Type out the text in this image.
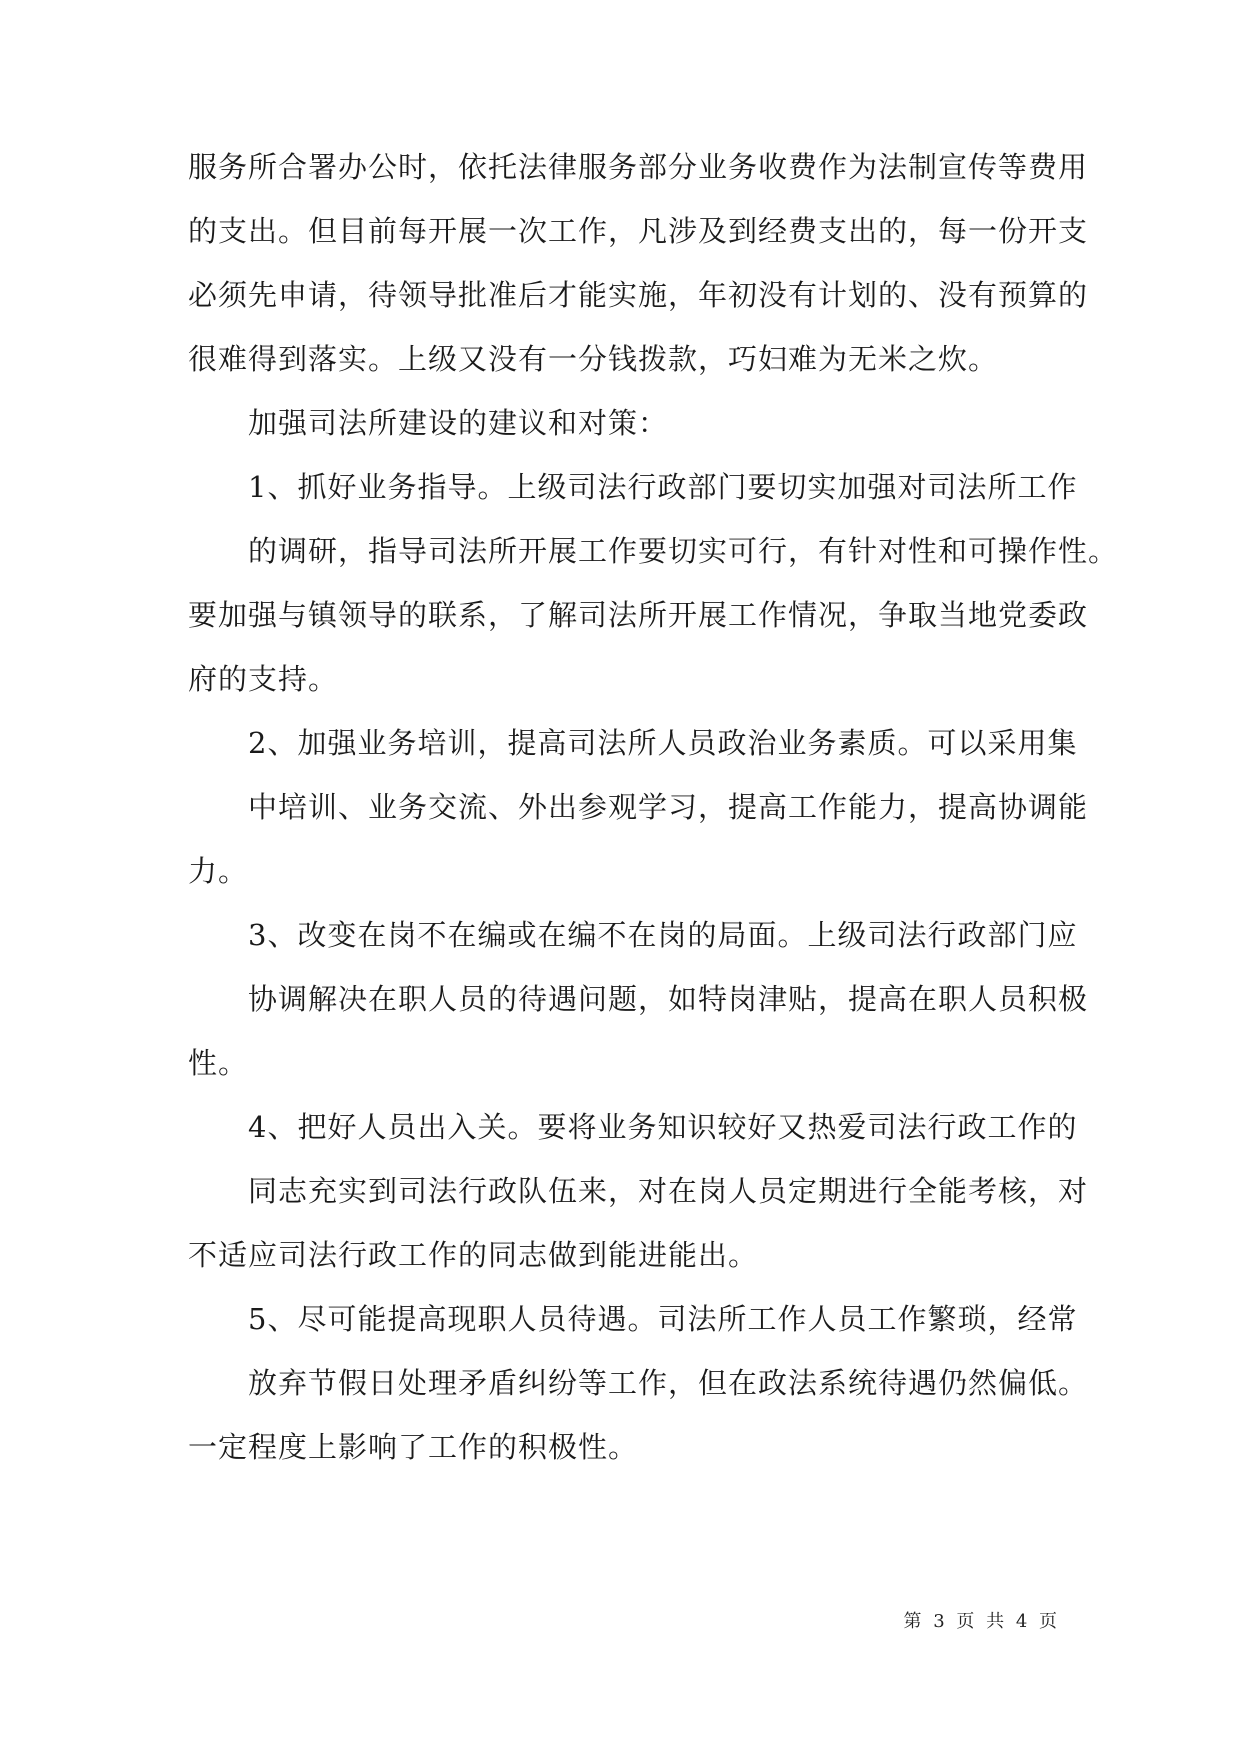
服务所合署办公时，依托法律服务部分业务收费作为法制宣传等费用
的支出。但目前每开展一次工作，凡涉及到经费支出的，每一份开支
必须先申请，待领导批准后才能实施，年初没有计划的、没有预算的
很难得到落实。上级又没有一分钱拨款，巧妇难为无米之炊。
加强司法所建设的建议和对策：
1、抓好业务指导。上级司法行政部门要切实加强对司法所工作
的调研，指导司法所开展工作要切实可行，有针对性和可操作性。
要加强与镇领导的联系，了解司法所开展工作情况，争取当地党委政
府的支持。
2、加强业务培训，提高司法所人员政治业务素质。可以采用集
中培训、业务交流、外出参观学习，提高工作能力，提高协调能
力。
3、改变在岗不在编或在编不在岗的局面。上级司法行政部门应
协调解决在职人员的待遇问题，如特岗津贴，提高在职人员积极
性。
4、把好人员出入关。要将业务知识较好又热爱司法行政工作的
同志充实到司法行政队伍来，对在岗人员定期进行全能考核，对
不适应司法行政工作的同志做到能进能出。
5、尽可能提高现职人员待遇。司法所工作人员工作繁琐，经常
放弃节假日处理矛盾纠纷等工作，但在政法系统待遇仍然偏低。
一定程度上影响了工作的积极性。
第 3 页 共 4 页
